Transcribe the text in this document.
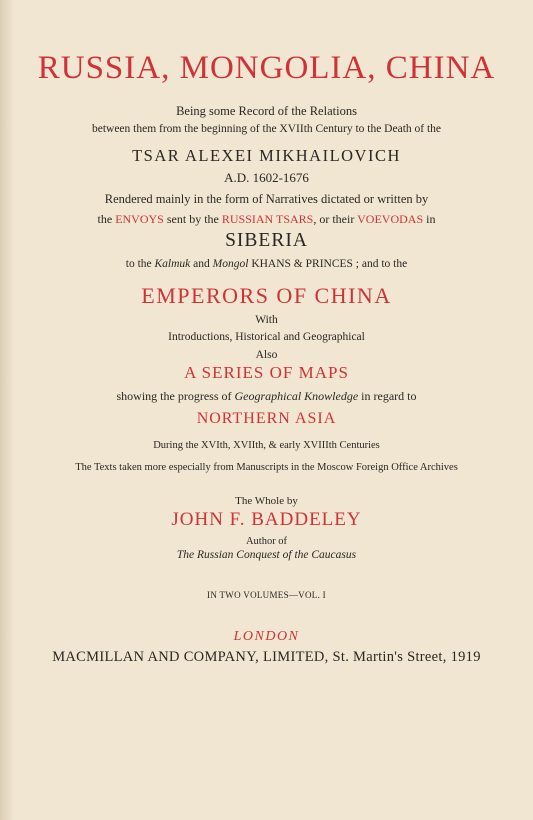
RUSSIA, MONGOLIA, CHINA
Being some Record of the Relations
between them from the beginning of the XVIIth Century to the Death of the
TSAR ALEXEI MIKHAILOVICH
A.D. 1602-1676
Rendered mainly in the form of Narratives dictated or written by
the ENVOYS sent by the RUSSIAN TSARS, or their VOEVODAS in
SIBERIA
to the Kalmuk and Mongol KHANS & PRINCES ; and to the
EMPERORS OF CHINA
With
Introductions, Historical and Geographical
Also
A SERIES OF MAPS
showing the progress of Geographical Knowledge in regard to
NORTHERN ASIA
During the XVIth, XVIIth, & early XVIIIth Centuries
The Texts taken more especially from Manuscripts in the Moscow Foreign Office Archives
The Whole by
JOHN F. BADDELEY
Author of
The Russian Conquest of the Caucasus
IN TWO VOLUMES—VOL. I
LONDON
MACMILLAN AND COMPANY, LIMITED, St. Martin's Street, 1919
